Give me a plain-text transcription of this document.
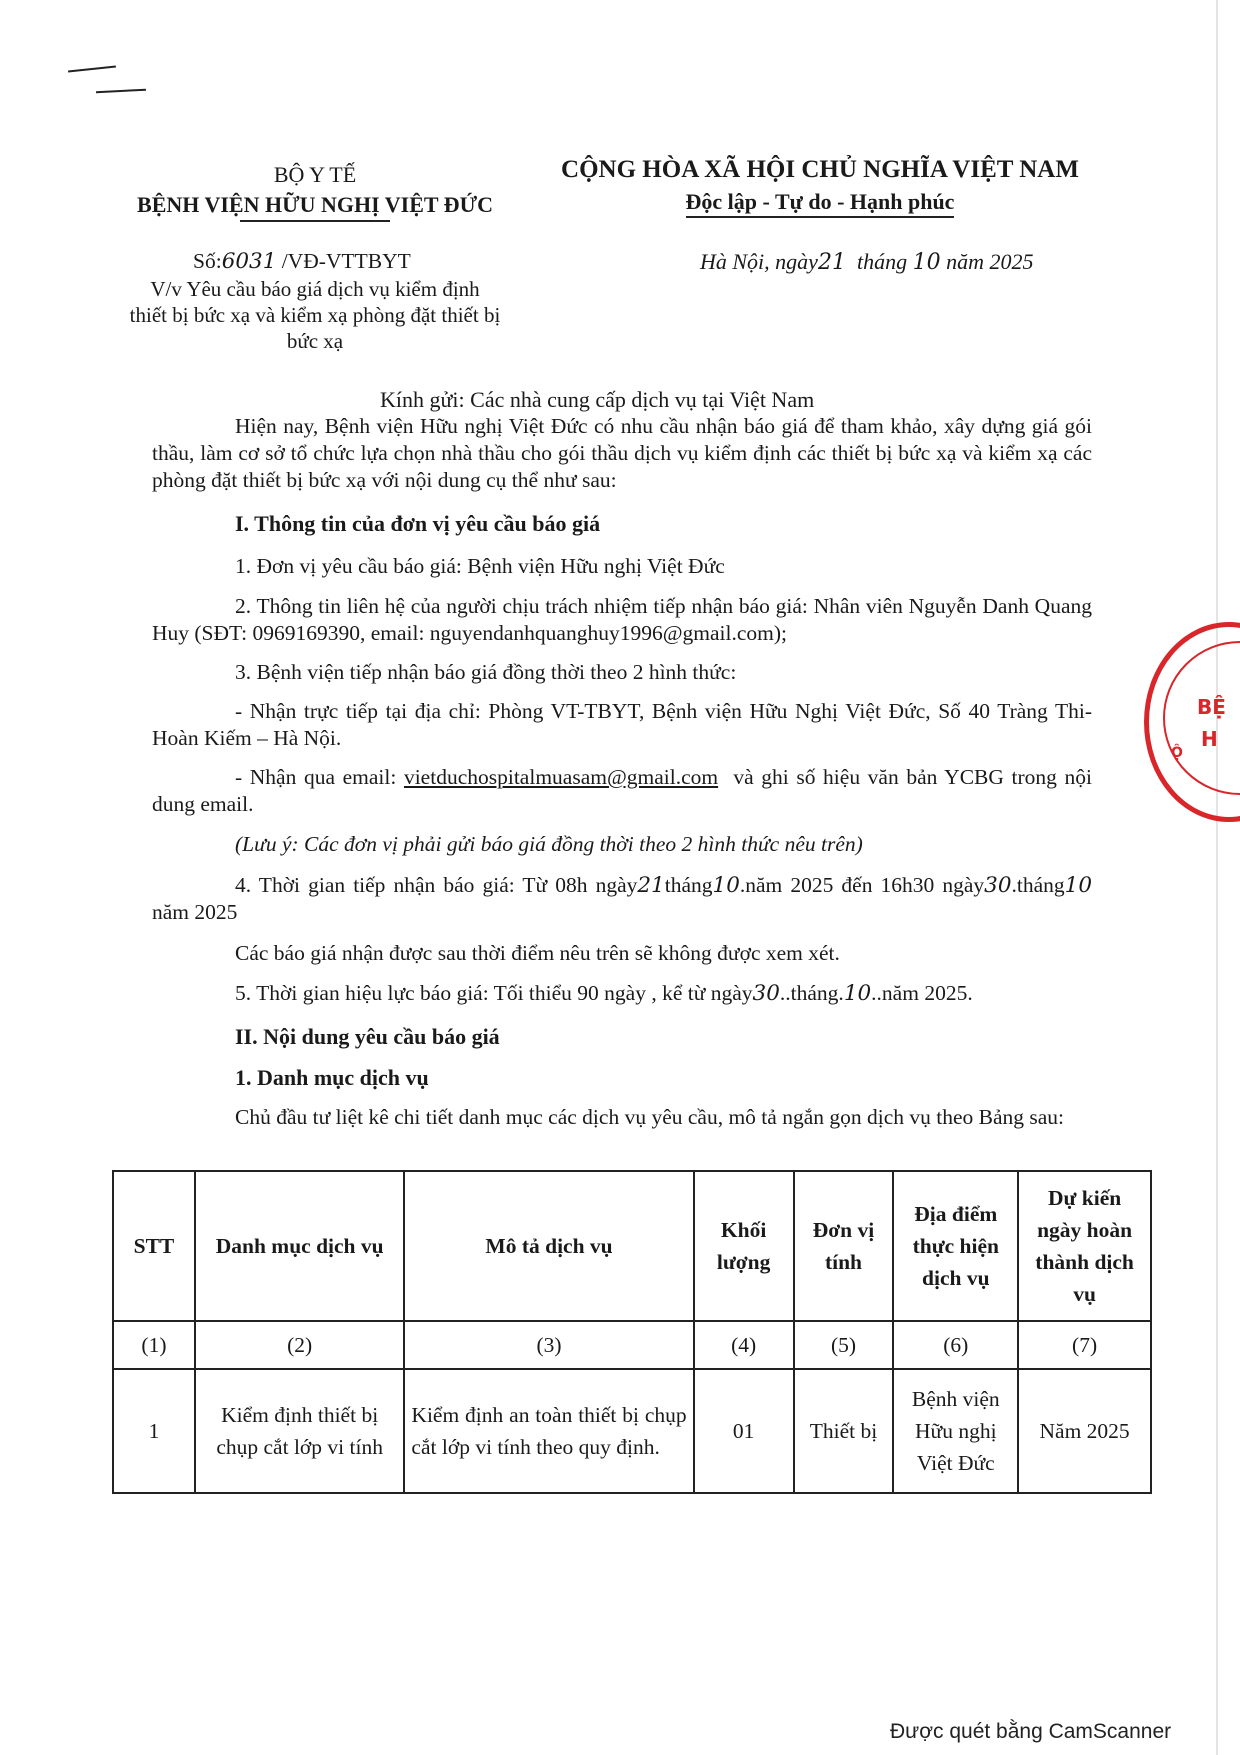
BỘ Y TẾ
BỆNH VIỆN HỮU NGHỊ VIỆT ĐỨC
CỘNG HÒA XÃ HỘI CHỦ NGHĨA VIỆT NAM
Độc lập - Tự do - Hạnh phúc
Số:6031 /VĐ-VTTBYT
V/v Yêu cầu báo giá dịch vụ kiểm định
thiết bị bức xạ và kiểm xạ phòng đặt thiết bị
bức xạ
Hà Nội, ngày21 tháng 10 năm 2025
Kính gửi: Các nhà cung cấp dịch vụ tại Việt Nam
Hiện nay, Bệnh viện Hữu nghị Việt Đức có nhu cầu nhận báo giá để tham khảo, xây dựng giá gói thầu, làm cơ sở tổ chức lựa chọn nhà thầu cho gói thầu dịch vụ kiểm định các thiết bị bức xạ và kiểm xạ các phòng đặt thiết bị bức xạ với nội dung cụ thể như sau:
I. Thông tin của đơn vị yêu cầu báo giá
1. Đơn vị yêu cầu báo giá: Bệnh viện Hữu nghị Việt Đức
2. Thông tin liên hệ của người chịu trách nhiệm tiếp nhận báo giá: Nhân viên Nguyễn Danh Quang Huy (SĐT: 0969169390, email: nguyendanhquanghuy1996@gmail.com);
3. Bệnh viện tiếp nhận báo giá đồng thời theo 2 hình thức:
- Nhận trực tiếp tại địa chỉ: Phòng VT-TBYT, Bệnh viện Hữu Nghị Việt Đức, Số 40 Tràng Thi- Hoàn Kiếm – Hà Nội.
- Nhận qua email: vietduchospitalmuasam@gmail.com và ghi số hiệu văn bản YCBG trong nội dung email.
(Lưu ý: Các đơn vị phải gửi báo giá đồng thời theo 2 hình thức nêu trên)
4. Thời gian tiếp nhận báo giá: Từ 08h ngày21tháng10.năm 2025 đến 16h30 ngày30.tháng10 năm 2025
Các báo giá nhận được sau thời điểm nêu trên sẽ không được xem xét.
5. Thời gian hiệu lực báo giá: Tối thiểu 90 ngày , kể từ ngày30..tháng.10..năm 2025.
II. Nội dung yêu cầu báo giá
1. Danh mục dịch vụ
Chủ đầu tư liệt kê chi tiết danh mục các dịch vụ yêu cầu, mô tả ngắn gọn dịch vụ theo Bảng sau:
STT	Danh mục dịch vụ	Mô tả dịch vụ	Khối lượng	Đơn vị tính	Địa điểm thực hiện dịch vụ	Dự kiến ngày hoàn thành dịch vụ
(1)	(2)	(3)	(4)	(5)	(6)	(7)
1	Kiểm định thiết bị chụp cắt lớp vi tính	Kiểm định an toàn thiết bị chụp cắt lớp vi tính theo quy định.	01	Thiết bị	Bệnh viện Hữu nghị Việt Đức	Năm 2025
BỆ
H
Ộ
Được quét bằng CamScanner
